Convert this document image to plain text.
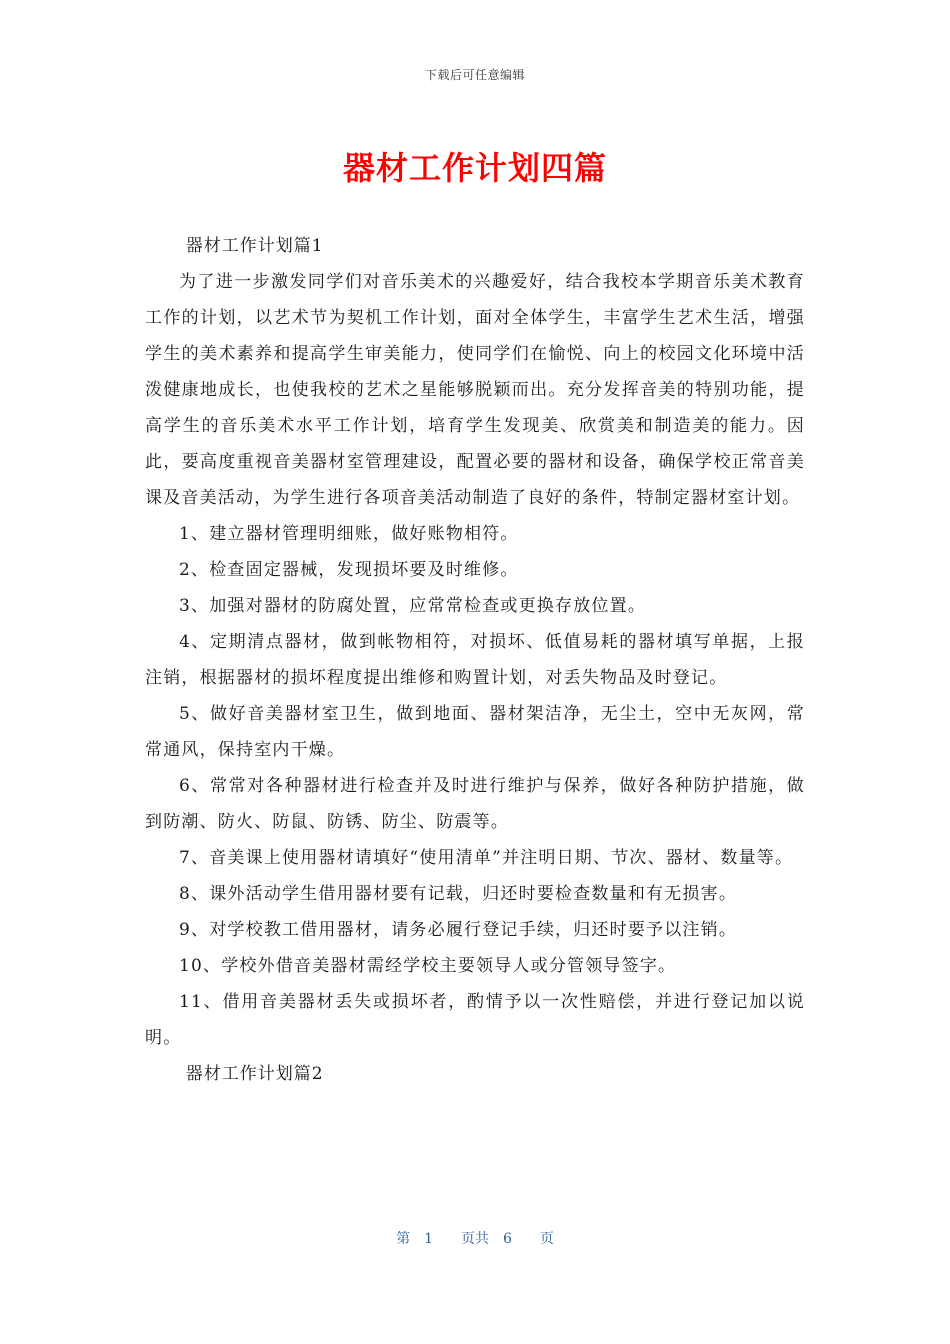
下载后可任意编辑
器材工作计划四篇

器材工作计划篇1

为了进一步激发同学们对音乐美术的兴趣爱好，结合我校本学期音乐美术教育工作的计划，以艺术节为契机工作计划，面对全体学生，丰富学生艺术生活，增强学生的美术素养和提高学生审美能力，使同学们在愉悦、向上的校园文化环境中活泼健康地成长，也使我校的艺术之星能够脱颖而出。充分发挥音美的特别功能，提高学生的音乐美术水平工作计划，培育学生发现美、欣赏美和制造美的能力。因此，要高度重视音美器材室管理建设，配置必要的器材和设备，确保学校正常音美课及音美活动，为学生进行各项音美活动制造了良好的条件，特制定器材室计划。

1、建立器材管理明细账，做好账物相符。

2、检查固定器械，发现损坏要及时维修。

3、加强对器材的防腐处置，应常常检查或更换存放位置。

4、定期清点器材，做到帐物相符，对损坏、低值易耗的器材填写单据，上报注销，根据器材的损坏程度提出维修和购置计划，对丢失物品及时登记。

5、做好音美器材室卫生，做到地面、器材架洁净，无尘土，空中无灰网，常常通风，保持室内干燥。

6、常常对各种器材进行检查并及时进行维护与保养，做好各种防护措施，做到防潮、防火、防鼠、防锈、防尘、防震等。

7、音美课上使用器材请填好“使用清单”并注明日期、节次、器材、数量等。

8、课外活动学生借用器材要有记载，归还时要检查数量和有无损害。

9、对学校教工借用器材，请务必履行登记手续，归还时要予以注销。

10、学校外借音美器材需经学校主要领导人或分管领导签字。

11、借用音美器材丢失或损坏者，酌情予以一次性赔偿，并进行登记加以说明。

器材工作计划篇2

第 1 页共 6 页
